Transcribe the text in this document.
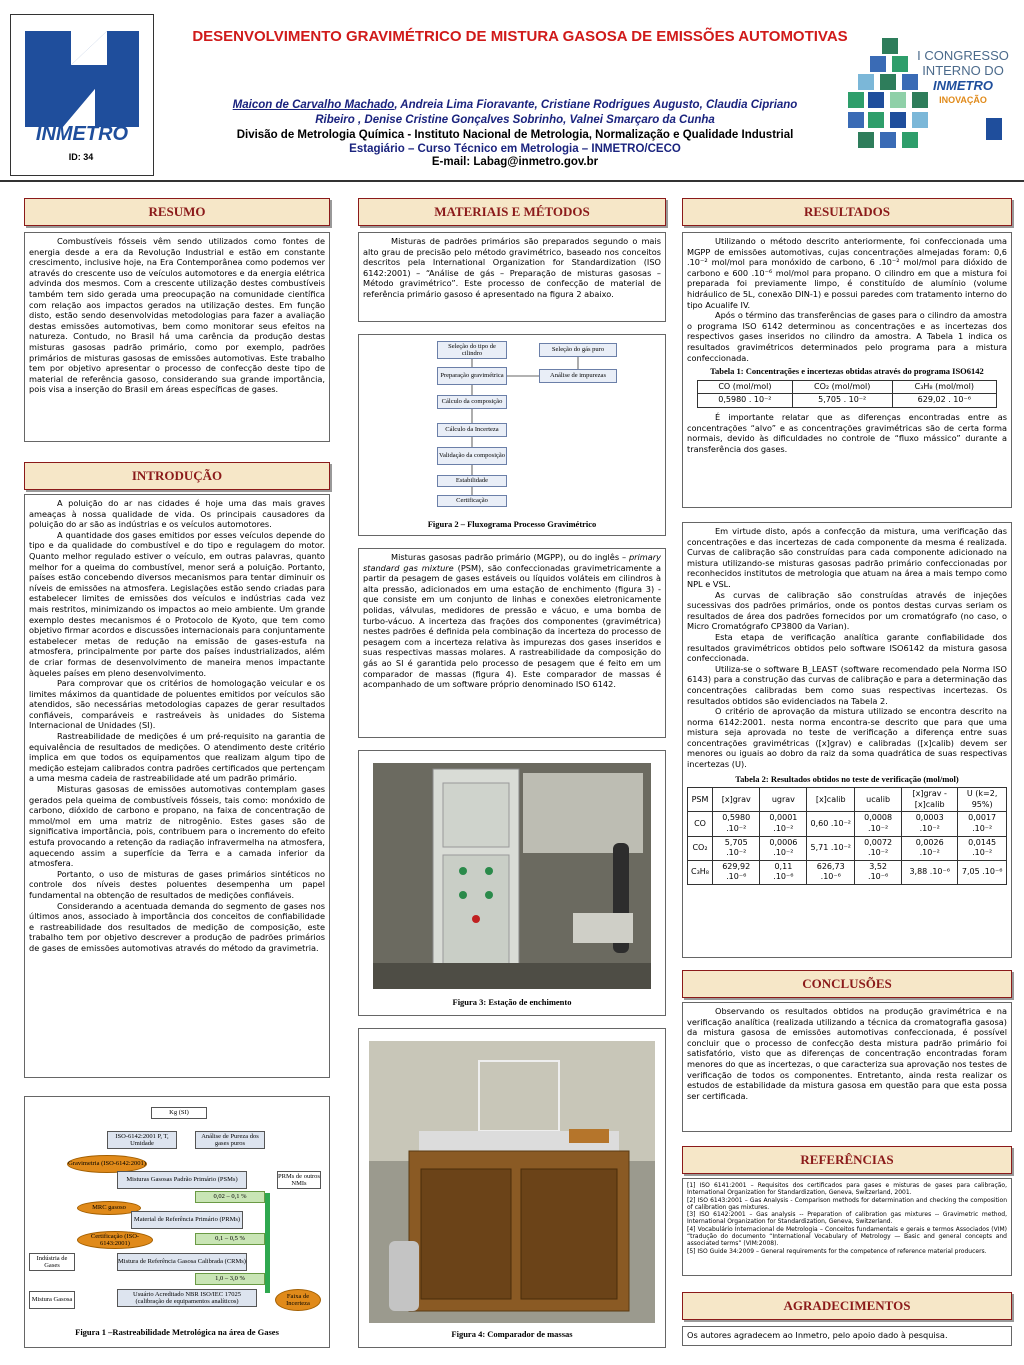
INMETRO
ID: 34
DESENVOLVIMENTO GRAVIMÉTRICO DE MISTURA GASOSA DE EMISSÕES AUTOMOTIVAS
Maicon de Carvalho Machado, Andreia Lima Fioravante, Cristiane Rodrigues Augusto, Claudia Cipriano
Ribeiro , Denise Cristine Gonçalves Sobrinho, Valnei Smarçaro da Cunha
Divisão de Metrologia Química - Instituto Nacional de Metrologia, Normalização e Qualidade Industrial
Estagiário – Curso Técnico em Metrologia – INMETRO/CECO
E-mail: Labag@inmetro.gov.br
I CONGRESSO
INTERNO DO
INMETRO
INOVAÇÃO
RESUMO

Combustíveis fósseis vêm sendo utilizados como fontes de energia desde a era da Revolução Industrial e estão em constante crescimento, inclusive hoje, na Era Contemporânea como podemos ver através do crescente uso de veículos automotores e da energia elétrica advinda dos mesmos. Com a crescente utilização destes combustíveis também tem sido gerada uma preocupação na comunidade científica com relação aos impactos gerados na utilização destes. Em função disto, estão sendo desenvolvidas metodologias para fazer a avaliação destas emissões automotivas, bem como monitorar seus efeitos na natureza. Contudo, no Brasil há uma carência da produção destas misturas gasosas padrão primário, como por exemplo, padrões primários de misturas gasosas de emissões automotivas. Este trabalho tem por objetivo apresentar o processo de confecção deste tipo de material de referência gasoso, considerando sua grande importância, pois visa a inserção do Brasil em áreas específicas de gases.

INTRODUÇÃO

A poluição do ar nas cidades é hoje uma das mais graves ameaças à nossa qualidade de vida. Os principais causadores da poluição do ar são as indústrias e os veículos automotores.

A quantidade dos gases emitidos por esses veículos depende do tipo e da qualidade do combustível e do tipo e regulagem do motor. Quanto melhor regulado estiver o veículo, em outras palavras, quanto melhor for a queima do combustível, menor será a poluição. Portanto, países estão concebendo diversos mecanismos para tentar diminuir os níveis de emissões na atmosfera. Legislações estão sendo criadas para estabelecer limites de emissões dos veículos e indústrias cada vez mais restritos, minimizando os impactos ao meio ambiente. Um grande exemplo destes mecanismos é o Protocolo de Kyoto, que tem como objetivo firmar acordos e discussões internacionais para conjuntamente estabelecer metas de redução na emissão de gases-estufa na atmosfera, principalmente por parte dos países industrializados, além de criar formas de desenvolvimento de maneira menos impactante àqueles países em pleno desenvolvimento.

Para comprovar que os critérios de homologação veicular e os limites máximos da quantidade de poluentes emitidos por veículos são atendidos, são necessárias metodologias capazes de gerar resultados confiáveis, comparáveis e rastreáveis às unidades do Sistema Internacional de Unidades (SI).

Rastreabilidade de medições é um pré-requisito na garantia de equivalência de resultados de medições. O atendimento deste critério implica em que todos os equipamentos que realizam algum tipo de medição estejam calibrados contra padrões certificados que pertençam a uma mesma cadeia de rastreabilidade até um padrão primário.

Misturas gasosas de emissões automotivas contemplam gases gerados pela queima de combustíveis fósseis, tais como: monóxido de carbono, dióxido de carbono e propano, na faixa de concentração de mmol/mol em uma matriz de nitrogênio. Estes gases são de significativa importância, pois, contribuem para o incremento do efeito estufa provocando a retenção da radiação infravermelha na atmosfera, aquecendo assim a superfície da Terra e a camada inferior da atmosfera.

Portanto, o uso de misturas de gases primários sintéticos no controle dos níveis destes poluentes desempenha um papel fundamental na obtenção de resultados de medições confiáveis.

Considerando a acentuada demanda do segmento de gases nos últimos anos, associado à importância dos conceitos de confiabilidade e rastreabilidade dos resultados de medição de composição, este trabalho tem por objetivo descrever a produção de padrões primários de gases de emissões automotivas através do método da gravimetria.

Kg (SI)
ISO-6142:2001 P, T, Umidade
Análise de Pureza dos gases puros
Gravimetria (ISO-6142:2001)
Misturas Gasosas Padrão Primário (PSMs)
PRMs de outros NMIs
0,02 – 0,1 %
MRC gasoso
Material de Referência Primário (PRMs)
Certificação (ISO-6143:2001)
0,1 – 0,5 %
Indústria de Gases
Mistura de Referência Gasosa Calibrada (CRMs)
1,0 – 3,0 %
Mistura Gasosa
Usuário Acreditado NBR ISO/IEC 17025 (calibração de equipamentos analíticos)
Faixa de Incerteza
Figura 1 –Rastreabilidade Metrológica na área de Gases
MATERIAIS E MÉTODOS

Misturas de padrões primários são preparados segundo o mais alto grau de precisão pelo método gravimétrico, baseado nos conceitos descritos pela International Organization for Standardization (ISO 6142:2001) – “Análise de gás – Preparação de misturas gasosas – Método gravimétrico”. Este processo de confecção de material de referência primário gasoso é apresentado na figura 2 abaixo.

Seleção do tipo de cilindro
Seleção do gás puro
Preparação gravimétrica	Análise de impurezas
Cálculo da composição
Cálculo da Incerteza
Validação da composição
Estabilidade
Certificação
Figura 2 – Fluxograma Processo Gravimétrico

Misturas gasosas padrão primário (MGPP), ou do inglês – primary standard gas mixture (PSM), são confeccionadas gravimetricamente a partir da pesagem de gases estáveis ou líquidos voláteis em cilindros à alta pressão, adicionados em uma estação de enchimento (figura 3) - que consiste em um conjunto de linhas e conexões eletronicamente polidas, válvulas, medidores de pressão e vácuo, e uma bomba de turbo-vácuo. A incerteza das frações dos componentes (gravimétrica) nestes padrões é definida pela combinação da incerteza do processo de pesagem com a incerteza relativa às impurezas dos gases inseridos e suas respectivas massas molares. A rastreabilidade da composição do gás ao SI é garantida pelo processo de pesagem que é feito em um comparador de massas (figura 4). Este comparador de massas é acompanhado de um software próprio denominado ISO 6142.

Figura 3: Estação de enchimento
Figura 4: Comparador de massas
RESULTADOS

Utilizando o método descrito anteriormente, foi confeccionada uma MGPP de emissões automotivas, cujas concentrações almejadas foram: 0,6 .10⁻² mol/mol para monóxido de carbono, 6 .10⁻² mol/mol para dióxido de carbono e 600 .10⁻⁶ mol/mol para propano. O cilindro em que a mistura foi preparada foi previamente limpo, é constituído de alumínio (volume hidráulico de 5L, conexão DIN-1) e possui paredes com tratamento interno do tipo Acualife IV.

Após o término das transferências de gases para o cilindro da amostra o programa ISO 6142 determinou as concentrações e as incertezas dos respectivos gases inseridos no cilindro da amostra. A Tabela 1 indica os resultados gravimétricos determinados pelo programa para a mistura confeccionada.

Tabela 1: Concentrações e incertezas obtidas através do programa ISO6142
CO (mol/mol)	CO₂ (mol/mol)	C₃H₈ (mol/mol)
0,5980 . 10⁻²	5,705 . 10⁻²	629,02 . 10⁻⁶

É importante relatar que as diferenças encontradas entre as concentrações “alvo” e as concentrações gravimétricas são de certa forma normais, devido às dificuldades no controle de “fluxo mássico” durante a transferência dos gases.

Em virtude disto, após a confecção da mistura, uma verificação das concentrações e das incertezas de cada componente da mesma é realizada. Curvas de calibração são construídas para cada componente adicionado na mistura utilizando-se misturas gasosas padrão primário confeccionadas por reconhecidos institutos de metrologia que atuam na área a mais tempo como NPL e VSL.

As curvas de calibração são construídas através de injeções sucessivas dos padrões primários, onde os pontos destas curvas seriam os resultados de área dos padrões fornecidos por um cromatógrafo (no caso, o Micro Cromatógrafo CP3800 da Varian).

Esta etapa de verificação analítica garante confiabilidade dos resultados gravimétricos obtidos pelo software ISO6142 da mistura gasosa confeccionada.

Utiliza-se o software B_LEAST (software recomendado pela Norma ISO 6143) para a construção das curvas de calibração e para a determinação das concentrações calibradas bem como suas respectivas incertezas. Os resultados obtidos são evidenciados na Tabela 2.

O critério de aprovação da mistura utilizado se encontra descrito na norma 6142:2001. nesta norma encontra-se descrito que para que uma mistura seja aprovada no teste de verificação a diferença entre suas concentrações gravimétricas ([x]grav) e calibradas ([x]calib) devem ser menores ou iguais ao dobro da raiz da soma quadrática de suas respectivas incertezas (U).

Tabela 2: Resultados obtidos no teste de verificação (mol/mol)
PSM	[x]grav	ugrav	[x]calib	ucalib	[x]grav - [x]calib	U (k=2, 95%)
CO	0,5980 .10⁻²	0,0001 .10⁻²	0,60 .10⁻²	0,0008 .10⁻²	0,0003 .10⁻²	0,0017 .10⁻²
CO₂	5,705 .10⁻²	0,0006 .10⁻²	5,71 .10⁻²	0,0072 .10⁻²	0,0026 .10⁻²	0,0145 .10⁻²
C₃H₈	629,92 .10⁻⁶	0,11 .10⁻⁶	626,73 .10⁻⁶	3,52 .10⁻⁶	3,88 .10⁻⁶	7,05 .10⁻⁶
CONCLUSÕES

Observando os resultados obtidos na produção gravimétrica e na verificação analítica (realizada utilizando a técnica da cromatografia gasosa) da mistura gasosa de emissões automotivas confeccionada, é possível concluir que o processo de confecção desta mistura padrão primário foi satisfatório, visto que as diferenças de concentração encontradas foram menores do que as incertezas, o que caracteriza sua aprovação nos testes de verificação de todos os componentes. Entretanto, ainda resta realizar os estudos de estabilidade da mistura gasosa em questão para que esta possa ser certificada.

REFERÊNCIAS
[1] ISO 6141:2001 – Requisitos dos certificados para gases e misturas de gases para calibração, International Organization for Standardization, Geneva, Switzerland, 2001.
[2] ISO 6143:2001 – Gas Analysis - Comparison methods for determination and checking the composition of calibration gas mixtures.
[3] ISO 6142:2001 – Gas analysis -- Preparation of calibration gas mixtures -- Gravimetric method, International Organization for Standardization, Geneva, Switzerland.
[4] Vocabulário Internacional de Metrologia – Conceitos fundamentais e gerais e termos Associados (VIM) “tradução do documento “International Vocabulary of Metrology — Basic and general concepts and associated terms” (VIM:2008).
[5] ISO Guide 34:2009 – General requirements for the competence of reference material producers.
AGRADECIMENTOS
Os autores agradecem ao Inmetro, pelo apoio dado à pesquisa.
